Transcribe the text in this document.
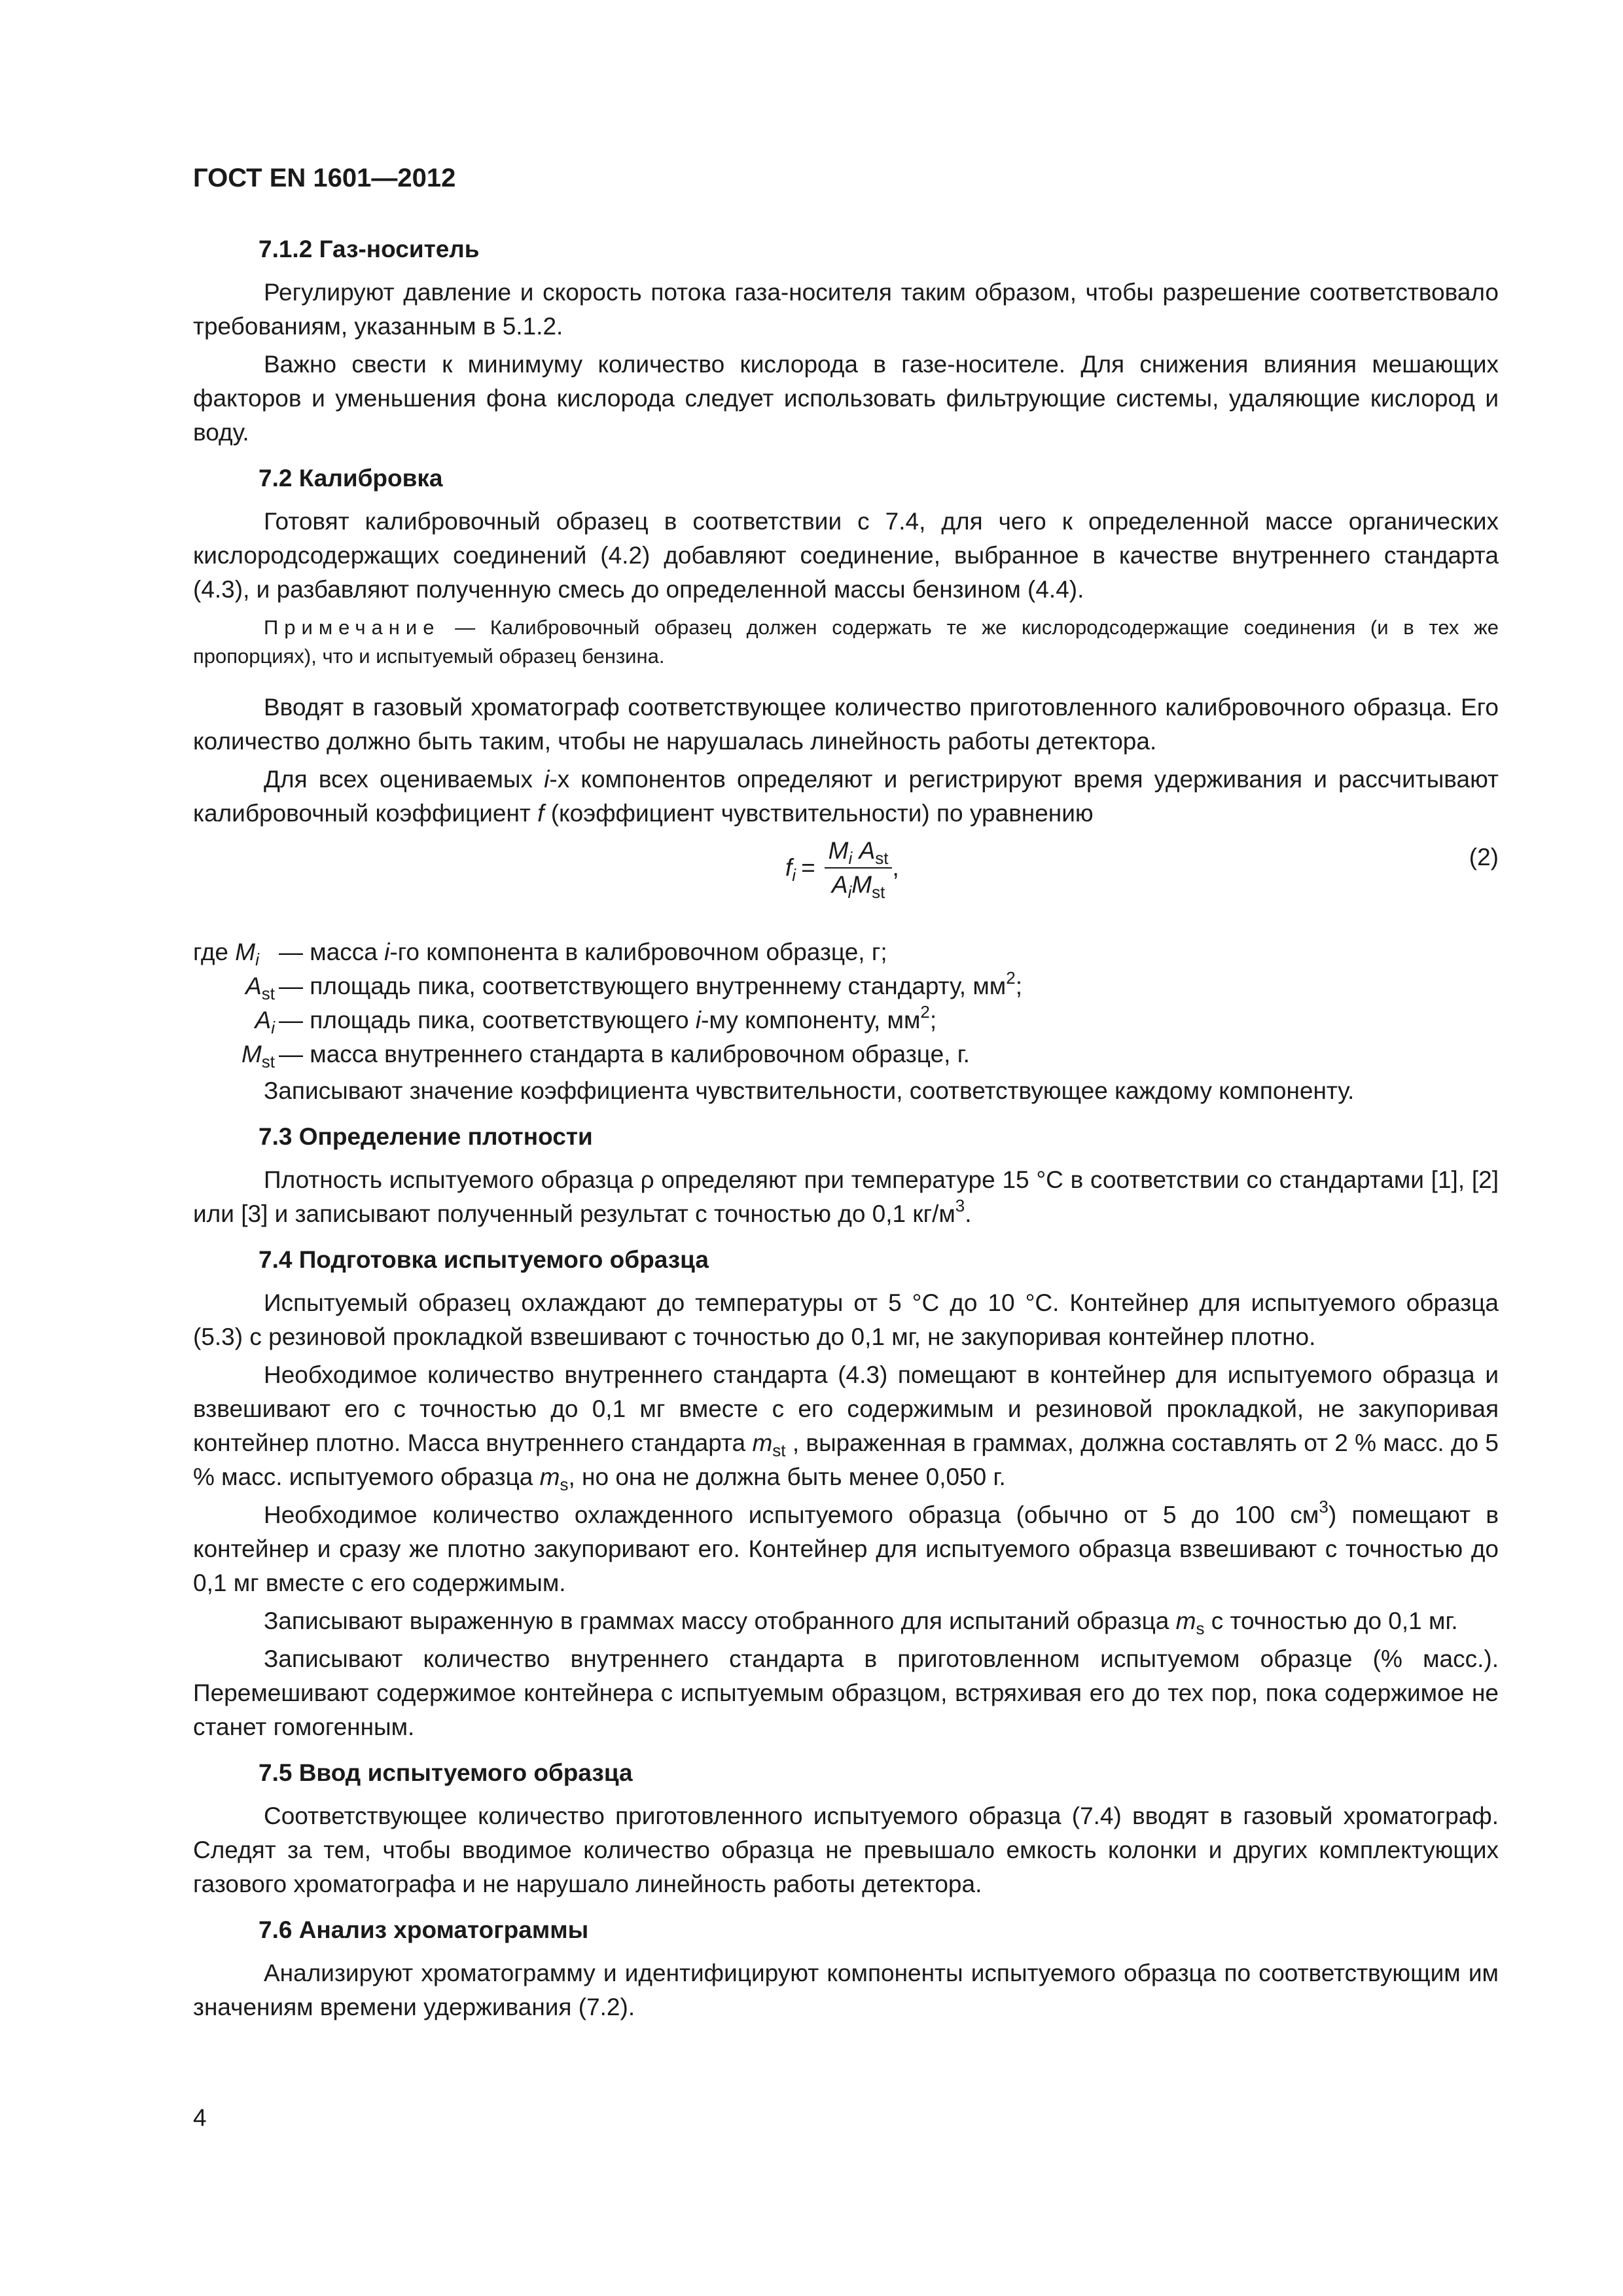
ГОСТ EN 1601—2012
7.1.2 Газ-носитель

Регулируют давление и скорость потока газа-носителя таким образом, чтобы разрешение соответствовало требованиям, указанным в 5.1.2.

Важно свести к минимуму количество кислорода в газе-носителе. Для снижения влияния мешающих факторов и уменьшения фона кислорода следует использовать фильтрующие системы, удаляющие кислород и воду.

7.2 Калибровка

Готовят калибровочный образец в соответствии с 7.4, для чего к определенной массе органических кислородсодержащих соединений (4.2) добавляют соединение, выбранное в качестве внутреннего стандарта (4.3), и разбавляют полученную смесь до определенной массы бензином (4.4).

Примечание — Калибровочный образец должен содержать те же кислородсодержащие соединения (и в тех же пропорциях), что и испытуемый образец бензина.

Вводят в газовый хроматограф соответствующее количество приготовленного калибровочного образца. Его количество должно быть таким, чтобы не нарушалась линейность работы детектора.

Для всех оцениваемых i-х компонентов определяют и регистрируют время удерживания и рассчитывают калибровочный коэффициент f (коэффициент чувствительности) по уравнению

$f_i = \frac{M_i A_{st}}{A_iM_{st}}$ ,	(2)
где $M_i$ — масса i-го компонента в калибровочном образце, г;
$A_{st}$ — площадь пика, соответствующего внутреннему стандарту, $мм^2$;
$A_i$ — площадь пика, соответствующего i-му компоненту, $мм^2$;
$M_{st}$ — масса внутреннего стандарта в калибровочном образце, г.

Записывают значение коэффициента чувствительности, соответствующее каждому компоненту.

7.3 Определение плотности

Плотность испытуемого образца ρ определяют при температуре 15 °С в соответствии со стандартами [1], [2] или [3] и записывают полученный результат с точностью до 0,1 $кг/м^3$.

7.4 Подготовка испытуемого образца

Испытуемый образец охлаждают до температуры от 5 °С до 10 °С. Контейнер для испытуемого образца (5.3) с резиновой прокладкой взвешивают с точностью до 0,1 мг, не закупоривая контейнер плотно.

Необходимое количество внутреннего стандарта (4.3) помещают в контейнер для испытуемого образца и взвешивают его с точностью до 0,1 мг вместе с его содержимым и резиновой прокладкой, не закупоривая контейнер плотно. Масса внутреннего стандарта $m_{st}$ , выраженная в граммах, должна составлять от 2 % масс. до 5 % масс. испытуемого образца $m_s$, но она не должна быть менее 0,050 г.

Необходимое количество охлажденного испытуемого образца (обычно от 5 до 100 $см^3$) помещают в контейнер и сразу же плотно закупоривают его. Контейнер для испытуемого образца взвешивают с точностью до 0,1 мг вместе с его содержимым.

Записывают выраженную в граммах массу отобранного для испытаний образца $m_s$ с точностью до 0,1 мг.

Записывают количество внутреннего стандарта в приготовленном испытуемом образце (% масс.). Перемешивают содержимое контейнера с испытуемым образцом, встряхивая его до тех пор, пока содержимое не станет гомогенным.

7.5 Ввод испытуемого образца

Соответствующее количество приготовленного испытуемого образца (7.4) вводят в газовый хроматограф. Следят за тем, чтобы вводимое количество образца не превышало емкость колонки и других комплектующих газового хроматографа и не нарушало линейность работы детектора.

7.6 Анализ хроматограммы

Анализируют хроматограмму и идентифицируют компоненты испытуемого образца по соответствующим им значениям времени удерживания (7.2).

4
